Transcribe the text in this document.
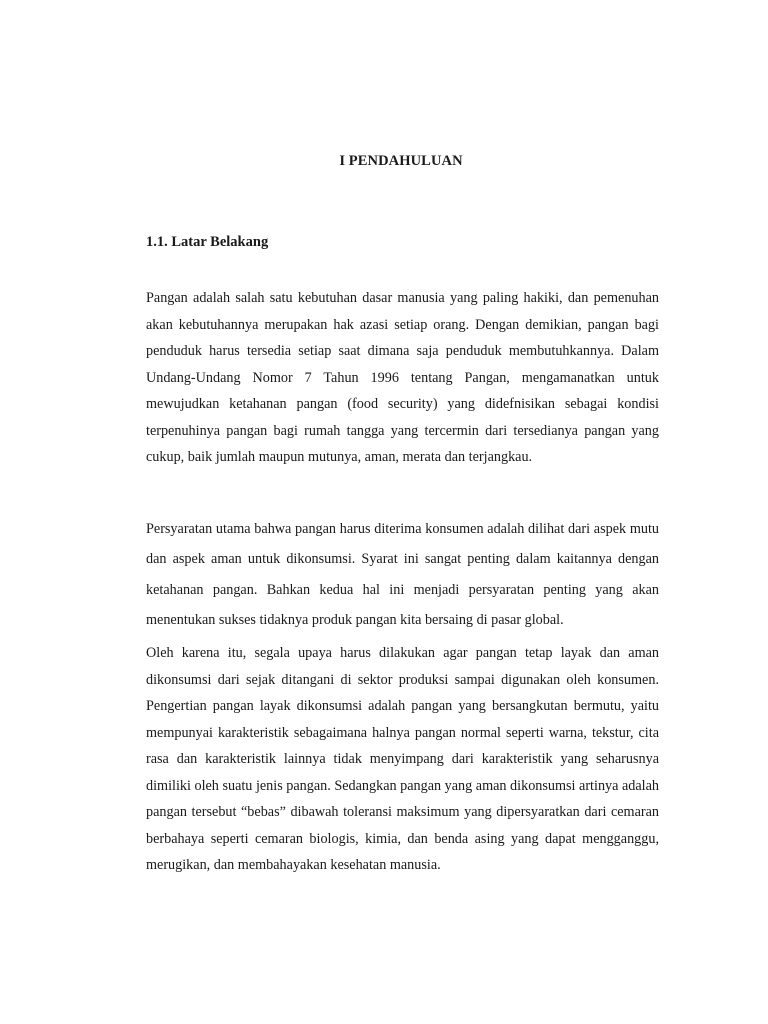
I PENDAHULUAN
1.1. Latar Belakang

Pangan adalah salah satu kebutuhan dasar manusia yang paling hakiki, dan pemenuhan akan kebutuhannya merupakan hak azasi setiap orang. Dengan demikian, pangan bagi penduduk harus tersedia setiap saat dimana saja penduduk membutuhkannya. Dalam Undang-Undang Nomor 7 Tahun 1996 tentang Pangan, mengamanatkan untuk mewujudkan ketahanan pangan (food security) yang didefnisikan sebagai kondisi terpenuhinya pangan bagi rumah tangga yang tercermin dari tersedianya pangan yang cukup, baik jumlah maupun mutunya, aman, merata dan terjangkau.

Persyaratan utama bahwa pangan harus diterima konsumen adalah dilihat dari aspek mutu dan aspek aman untuk dikonsumsi. Syarat ini sangat penting dalam kaitannya dengan ketahanan pangan. Bahkan kedua hal ini menjadi persyaratan penting yang akan menentukan sukses tidaknya produk pangan kita bersaing di pasar global.

Oleh karena itu, segala upaya harus dilakukan agar pangan tetap layak dan aman dikonsumsi dari sejak ditangani di sektor produksi sampai digunakan oleh konsumen. Pengertian pangan layak dikonsumsi adalah pangan yang bersangkutan bermutu, yaitu mempunyai karakteristik sebagaimana halnya pangan normal seperti warna, tekstur, cita rasa dan karakteristik lainnya tidak menyimpang dari karakteristik yang seharusnya dimiliki oleh suatu jenis pangan. Sedangkan pangan yang aman dikonsumsi artinya adalah pangan tersebut “bebas” dibawah toleransi maksimum yang dipersyaratkan dari cemaran berbahaya seperti cemaran biologis, kimia, dan benda asing yang dapat mengganggu, merugikan, dan membahayakan kesehatan manusia.
